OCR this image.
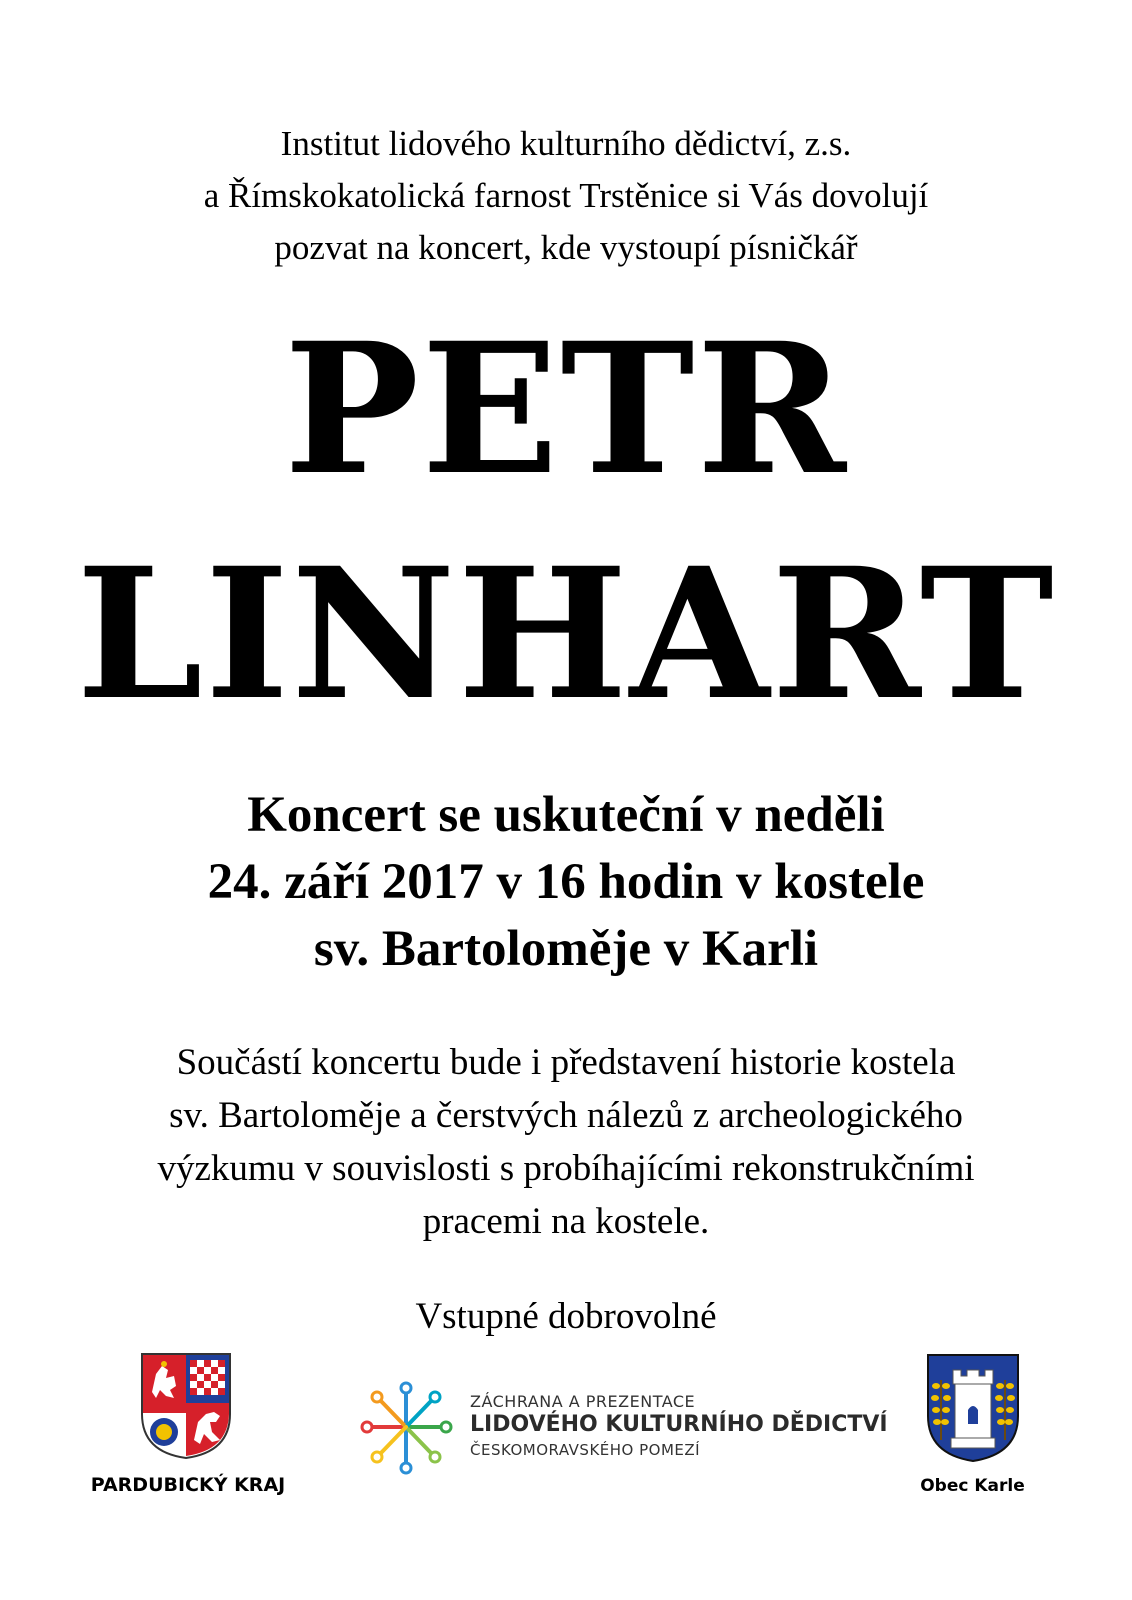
Institut lidového kulturního dědictví, z.s.
a Římskokatolická farnost Trstěnice si Vás dovolují
pozvat na koncert, kde vystoupí písničkář
PETR
LINHART
Koncert se uskuteční v neděli
24. září 2017 v 16 hodin v kostele
sv. Bartoloměje v Karli
Součástí koncertu bude i představení historie kostela
sv. Bartoloměje a čerstvých nálezů z archeologického
výzkumu v souvislosti s probíhajícími rekonstrukčními
pracemi na kostele.
Vstupné dobrovolné
PARDUBICKÝ KRAJ
ZÁCHRANA A PREZENTACE
LIDOVÉHO KULTURNÍHO DĚDICTVÍ
ČESKOMORAVSKÉHO POMEZÍ
Obec Karle
